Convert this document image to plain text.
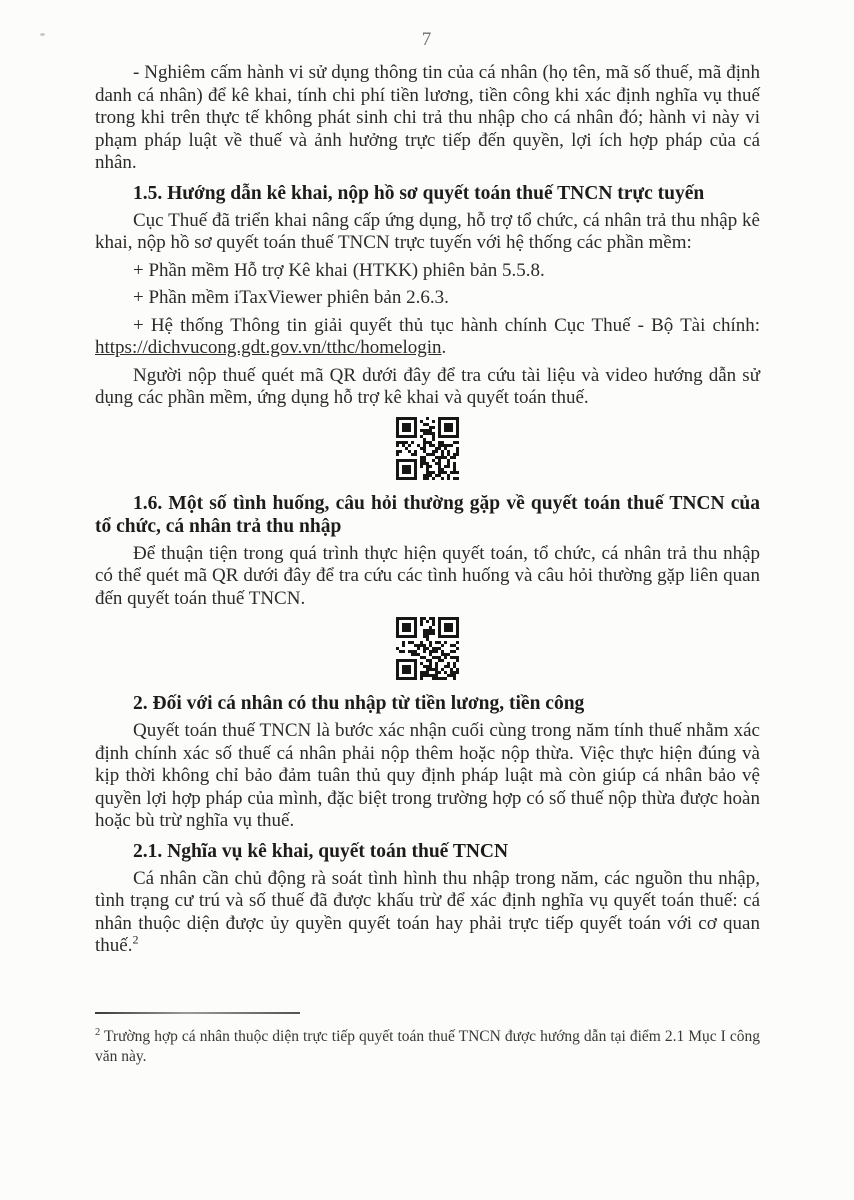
7

- Nghiêm cấm hành vi sử dụng thông tin của cá nhân (họ tên, mã số thuế, mã định danh cá nhân) để kê khai, tính chi phí tiền lương, tiền công khi xác định nghĩa vụ thuế trong khi trên thực tế không phát sinh chi trả thu nhập cho cá nhân đó; hành vi này vi phạm pháp luật về thuế và ảnh hưởng trực tiếp đến quyền, lợi ích hợp pháp của cá nhân.

1.5. Hướng dẫn kê khai, nộp hồ sơ quyết toán thuế TNCN trực tuyến

Cục Thuế đã triển khai nâng cấp ứng dụng, hỗ trợ tổ chức, cá nhân trả thu nhập kê khai, nộp hồ sơ quyết toán thuế TNCN trực tuyến với hệ thống các phần mềm:

+ Phần mềm Hỗ trợ Kê khai (HTKK) phiên bản 5.5.8.

+ Phần mềm iTaxViewer phiên bản 2.6.3.

+ Hệ thống Thông tin giải quyết thủ tục hành chính Cục Thuế - Bộ Tài chính: https://dichvucong.gdt.gov.vn/tthc/homelogin.

Người nộp thuế quét mã QR dưới đây để tra cứu tài liệu và video hướng dẫn sử dụng các phần mềm, ứng dụng hỗ trợ kê khai và quyết toán thuế.

1.6. Một số tình huống, câu hỏi thường gặp về quyết toán thuế TNCN của tổ chức, cá nhân trả thu nhập

Để thuận tiện trong quá trình thực hiện quyết toán, tổ chức, cá nhân trả thu nhập có thể quét mã QR dưới đây để tra cứu các tình huống và câu hỏi thường gặp liên quan đến quyết toán thuế TNCN.

2. Đối với cá nhân có thu nhập từ tiền lương, tiền công

Quyết toán thuế TNCN là bước xác nhận cuối cùng trong năm tính thuế nhằm xác định chính xác số thuế cá nhân phải nộp thêm hoặc nộp thừa. Việc thực hiện đúng và kịp thời không chỉ bảo đảm tuân thủ quy định pháp luật mà còn giúp cá nhân bảo vệ quyền lợi hợp pháp của mình, đặc biệt trong trường hợp có số thuế nộp thừa được hoàn hoặc bù trừ nghĩa vụ thuế.

2.1. Nghĩa vụ kê khai, quyết toán thuế TNCN

Cá nhân cần chủ động rà soát tình hình thu nhập trong năm, các nguồn thu nhập, tình trạng cư trú và số thuế đã được khấu trừ để xác định nghĩa vụ quyết toán thuế: cá nhân thuộc diện được ủy quyền quyết toán hay phải trực tiếp quyết toán với cơ quan thuế.$^2$

$^2$ Trường hợp cá nhân thuộc diện trực tiếp quyết toán thuế TNCN được hướng dẫn tại điểm 2.1 Mục I công văn này.
